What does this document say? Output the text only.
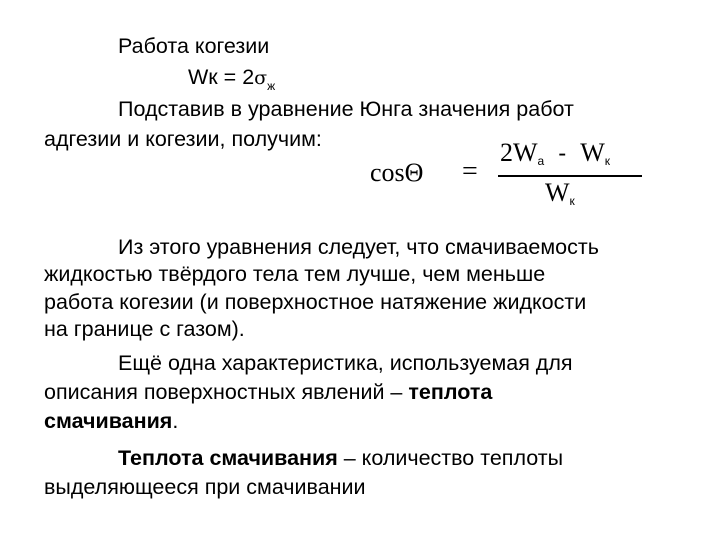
Работа когезии
Wк = $2\sigma_ж$
Подставив в уравнение Юнга значения работ
адгезии и когезии, получим:
cosΘ =
2Wа - Wк
Wк
Из этого уравнения следует, что смачиваемость
жидкостью твёрдого тела тем лучше, чем меньше
работа когезии (и поверхностное натяжение жидкости
на границе с газом).
Ещё одна характеристика, используемая для
описания поверхностных явлений – теплота
смачивания.
Теплота смачивания – количество теплоты
выделяющееся при смачивании
